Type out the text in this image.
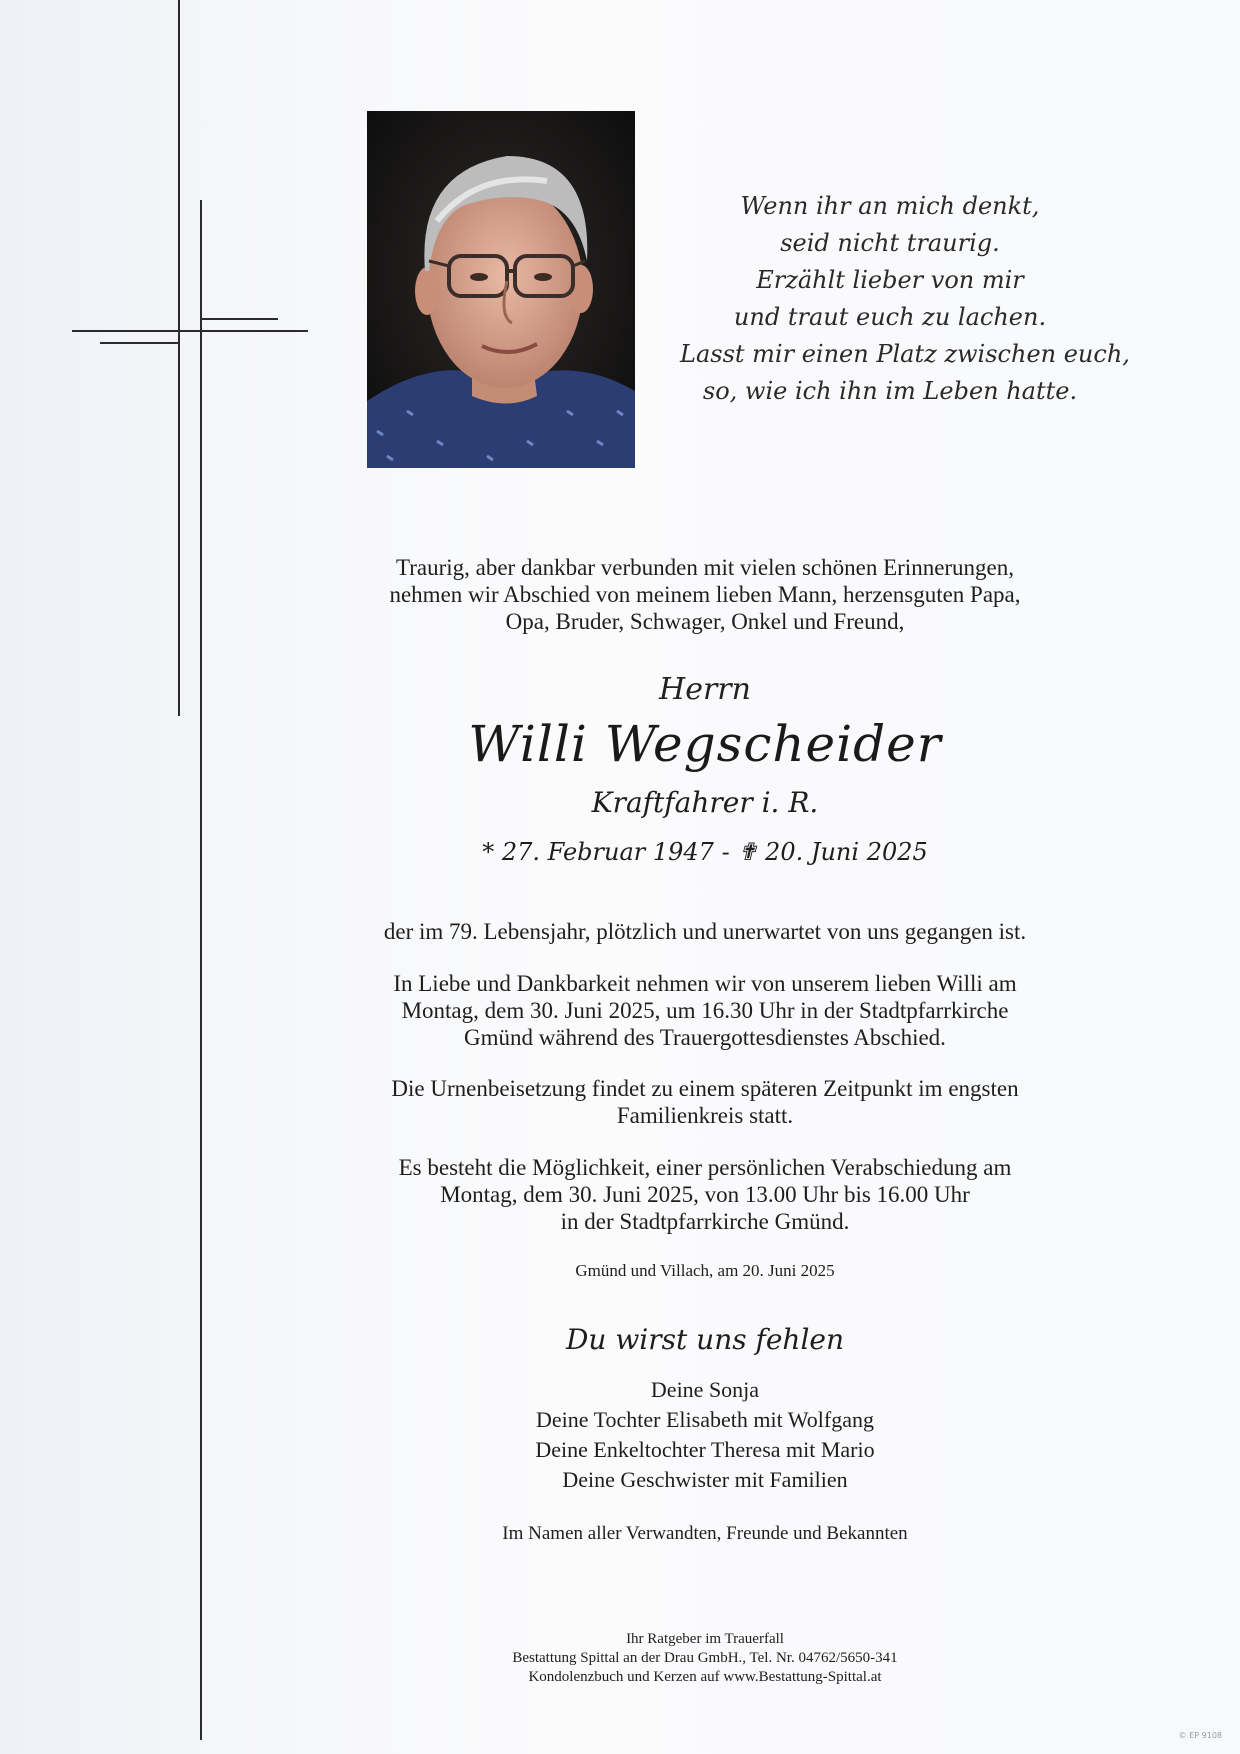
Wenn ihr an mich denkt,
seid nicht traurig.
Erzählt lieber von mir
und traut euch zu lachen.
Lasst mir einen Platz zwischen euch,
so, wie ich ihn im Leben hatte.
Traurig, aber dankbar verbunden mit vielen schönen Erinnerungen,
nehmen wir Abschied von meinem lieben Mann, herzensguten Papa,
Opa, Bruder, Schwager, Onkel und Freund,
Herrn
Willi Wegscheider
Kraftfahrer i. R.
* 27. Februar 1947 - ✟ 20. Juni 2025
der im 79. Lebensjahr, plötzlich und unerwartet von uns gegangen ist.
In Liebe und Dankbarkeit nehmen wir von unserem lieben Willi am
Montag, dem 30. Juni 2025, um 16.30 Uhr in der Stadtpfarrkirche
Gmünd während des Trauergottesdienstes Abschied.
Die Urnenbeisetzung findet zu einem späteren Zeitpunkt im engsten
Familienkreis statt.
Es besteht die Möglichkeit, einer persönlichen Verabschiedung am
Montag, dem 30. Juni 2025, von 13.00 Uhr bis 16.00 Uhr
in der Stadtpfarrkirche Gmünd.
Gmünd und Villach, am 20. Juni 2025
Du wirst uns fehlen
Deine Sonja
Deine Tochter Elisabeth mit Wolfgang
Deine Enkeltochter Theresa mit Mario
Deine Geschwister mit Familien
Im Namen aller Verwandten, Freunde und Bekannten
Ihr Ratgeber im Trauerfall
Bestattung Spittal an der Drau GmbH., Tel. Nr. 04762/5650-341
Kondolenzbuch und Kerzen auf www.Bestattung-Spittal.at
© EP 9108
